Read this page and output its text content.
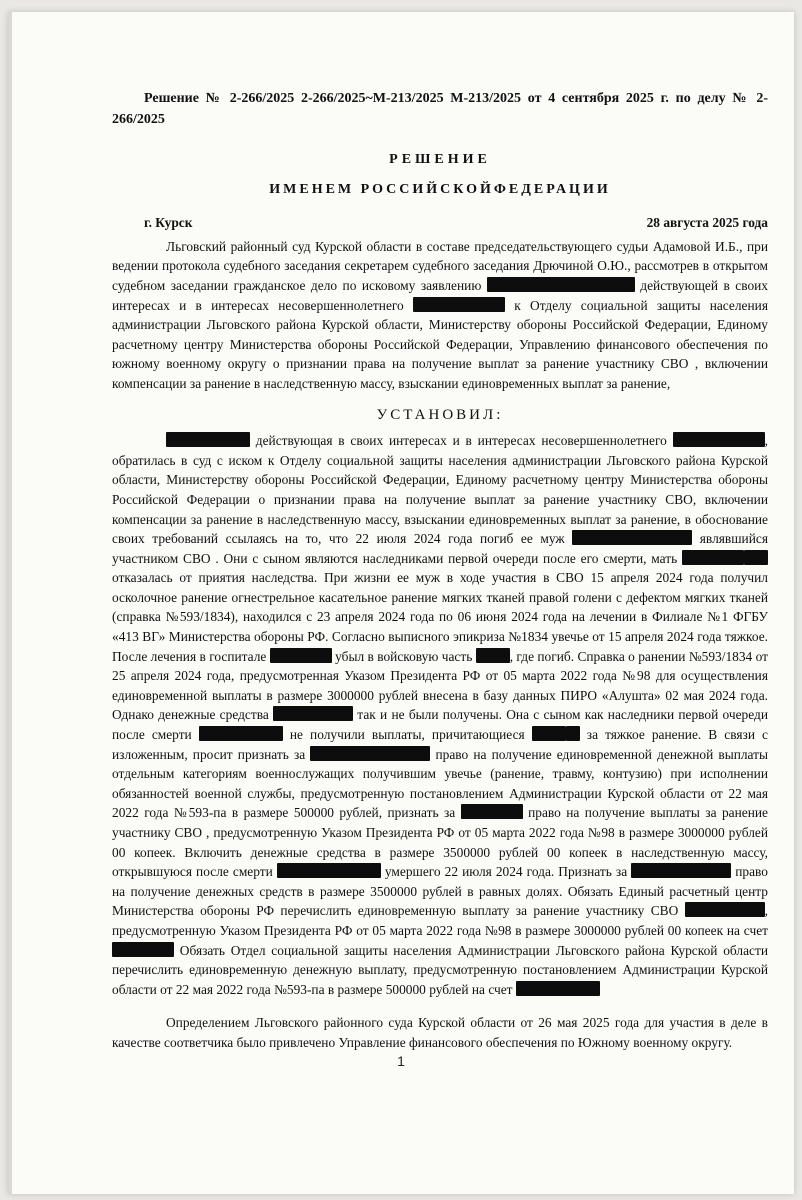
Решение № 2-266/2025 2-266/2025~М-213/2025 М-213/2025 от 4 сентября 2025 г. по делу № 2-266/2025
РЕШЕНИЕ
ИМЕНЕМ РОССИЙСКОЙФЕДЕРАЦИИ
г. Курск	28 августа 2025 года

Льговский районный суд Курской области в составе председательствующего судьи Адамовой И.Б., при ведении протокола судебного заседания секретарем судебного заседания Дрючиной О.Ю., рассмотрев в открытом судебном заседании гражданское дело по исковому заявлению	действующей в своих интересах и в интересах несовершеннолетнего	к Отделу социальной защиты населения администрации Льговского района Курской области, Министерству обороны Российской Федерации, Единому расчетному центру Министерства обороны Российской Федерации, Управлению финансового обеспечения по южному военному округу о признании права на получение выплат за ранение участнику СВО , включении компенсации за ранение в наследственную массу, взыскании единовременных выплат за ранение,

УСТАНОВИЛ:

действующая в своих интересах и в интересах несовершеннолетнего	, обратилась в суд с иском к Отделу социальной защиты населения администрации Льговского района Курской области, Министерству обороны Российской Федерации, Единому расчетному центру Министерства обороны Российской Федерации о признании права на получение выплат за ранение участнику СВО, включении компенсации за ранение в наследственную массу, взыскании единовременных выплат за ранение, в обоснование своих требований ссылаясь на то, что 22 июля 2024 года погиб ее муж	являвшийся участником СВО . Они с сыном являются наследниками первой очереди после его смерти, мать  отказалась от приятия наследства. При жизни ее муж в ходе участия в СВО 15 апреля 2024 года получил осколочное ранение огнестрельное касательное ранение мягких тканей правой голени с дефектом мягких тканей (справка №593/1834), находился с 23 апреля 2024 года по 06 июня 2024 года на лечении в Филиале №1 ФГБУ «413 ВГ» Министерства обороны РФ. Согласно выписного эпикриза №1834 увечье от 15 апреля 2024 года тяжкое. После лечения в госпитале	убыл в войсковую часть	, где погиб. Справка о ранении №593/1834 от 25 апреля 2024 года, предусмотренная Указом Президента РФ от 05 марта 2022 года №98 для осуществления единовременной выплаты в размере 3000000 рублей внесена в базу данных ПИРО «Алушта» 02 мая 2024 года. Однако денежные средства	так и не были получены. Она с сыном как наследники первой очереди после смерти	не получили выплаты, причитающиеся	за тяжкое ранение. В связи с изложенным, просит признать за	право на получение единовременной денежной выплаты отдельным категориям военнослужащих получившим увечье (ранение, травму, контузию) при исполнении обязанностей военной службы, предусмотренную постановлением Администрации Курской области от 22 мая 2022 года №593-па в размере 500000 рублей, признать за	право на получение выплаты за ранение участнику СВО , предусмотренную Указом Президента РФ от 05 марта 2022 года №98 в размере 3000000 рублей 00 копеек. Включить денежные средства в размере 3500000 рублей 00 копеек в наследственную массу, открывшуюся после смерти	умершего 22 июля 2024 года. Признать за	право на получение денежных средств в размере 3500000 рублей в равных долях. Обязать Единый расчетный центр Министерства обороны РФ перечислить единовременную выплату за ранение участнику СВО	, предусмотренную Указом Президента РФ от 05 марта 2022 года №98 в размере 3000000 рублей 00 копеек на счет  Обязать Отдел социальной защиты населения Администрации Льговского района Курской области перечислить единовременную денежную выплату, предусмотренную постановлением Администрации Курской области от 22 мая 2022 года №593-па в размере 500000 рублей на счет

Определением Льговского районного суда Курской области от 26 мая 2025 года для участия в деле в качестве соответчика было привлечено Управление финансового обеспечения по Южному военному округу.

1
